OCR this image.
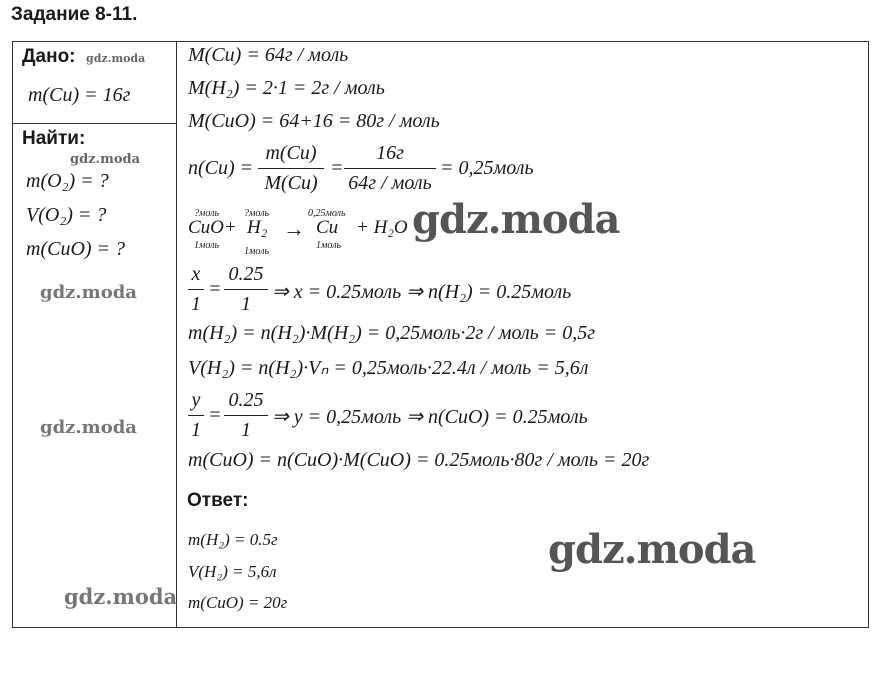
Задание 8-11.
Дано: gdz.moda
m(Cu) = 16г
Найти:
gdz.moda
m(O₂) = ?
V(O₂) = ?
m(CuO) = ?
gdz.moda
gdz.moda
gdz.moda
M(Cu) = 64г / моль
M(H₂) = 2·1 = 2г / моль
M(CuO) = 64+16 = 80г / моль
n(Cu) =
m(Cu)
M(Cu)
=
16г
64г / моль
= 0,25моль
?моль ?моль	0,25моль
CuO+ H₂ → Cu + H₂O
1моль
1моль
1моль
gdz.moda
x
1
=
0.25
1
⇒ x = 0.25моль ⇒ n(H₂) = 0.25моль
m(H₂) = n(H₂)·M(H₂) = 0,25моль·2г / моль = 0,5г
V(H₂) = n(H₂)·Vₙ = 0,25моль·22.4л / моль = 5,6л
y
1
=
0.25
1
⇒ y = 0,25моль ⇒ n(CuO) = 0.25моль
m(CuO) = n(CuO)·M(CuO) = 0.25моль·80г / моль = 20г
Ответ:
m(H₂) = 0.5г
V(H₂) = 5,6л
m(CuO) = 20г
gdz.moda
